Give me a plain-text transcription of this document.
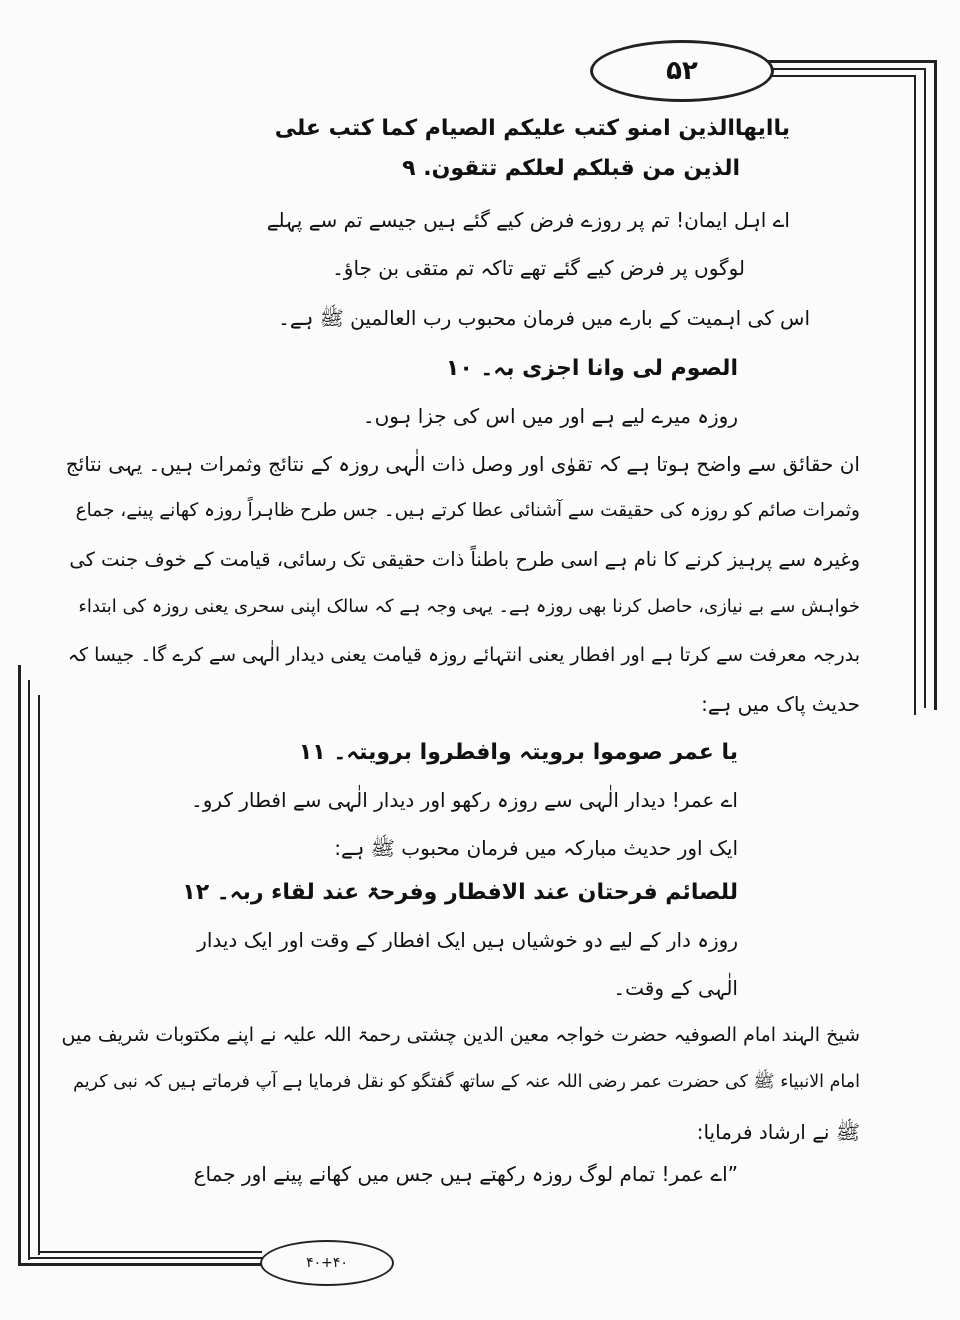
۵۲
۴۰+۴۰
یاایھاالذین امنو کتب علیکم الصیام کما کتب علی
الذین من قبلکم لعلکم تتقون. ۹
اے اہل ایمان! تم پر روزے فرض کیے گئے ہیں جیسے تم سے پہلے
لوگوں پر فرض کیے گئے تھے تاکہ تم متقی بن جاؤ۔
اس کی اہمیت کے بارے میں فرمان محبوب رب العالمین ﷺ ہے۔
الصوم لی وانا اجزی بہ۔ ۱۰
روزہ میرے لیے ہے اور میں اس کی جزا ہوں۔
ان حقائق سے واضح ہوتا ہے کہ تقوٰی اور وصل ذات الٰہی روزہ کے نتائج وثمرات ہیں۔ یہی نتائج
وثمرات صائم کو روزہ کی حقیقت سے آشنائی عطا کرتے ہیں۔ جس طرح ظاہراً روزہ کھانے پینے، جماع
وغیرہ سے پرہیز کرنے کا نام ہے اسی طرح باطناً ذات حقیقی تک رسائی، قیامت کے خوف جنت کی
خواہش سے بے نیازی، حاصل کرنا بھی روزہ ہے۔ یہی وجہ ہے کہ سالک اپنی سحری یعنی روزہ کی ابتداء
بدرجہ معرفت سے کرتا ہے اور افطار یعنی انتہائے روزہ قیامت یعنی دیدار الٰہی سے کرے گا۔ جیسا کہ
حدیث پاک میں ہے:
یا عمر صوموا برویتہ وافطروا برویتہ۔ ۱۱
اے عمر! دیدار الٰہی سے روزہ رکھو اور دیدار الٰہی سے افطار کرو۔
ایک اور حدیث مبارکہ میں فرمان محبوب ﷺ ہے:
للصائم فرحتان عند الافطار وفرحۃ عند لقاء ربہ۔ ۱۲
روزہ دار کے لیے دو خوشیاں ہیں ایک افطار کے وقت اور ایک دیدار
الٰہی کے وقت۔
شیخ الہند امام الصوفیہ حضرت خواجہ معین الدین چشتی رحمۃ اللہ علیہ نے اپنے مکتوبات شریف میں
امام الانبیاء ﷺ کی حضرت عمر رضی اللہ عنہ کے ساتھ گفتگو کو نقل فرمایا ہے آپ فرماتے ہیں کہ نبی کریم
ﷺ نے ارشاد فرمایا:
”اے عمر! تمام لوگ روزہ رکھتے ہیں جس میں کھانے پینے اور جماع
